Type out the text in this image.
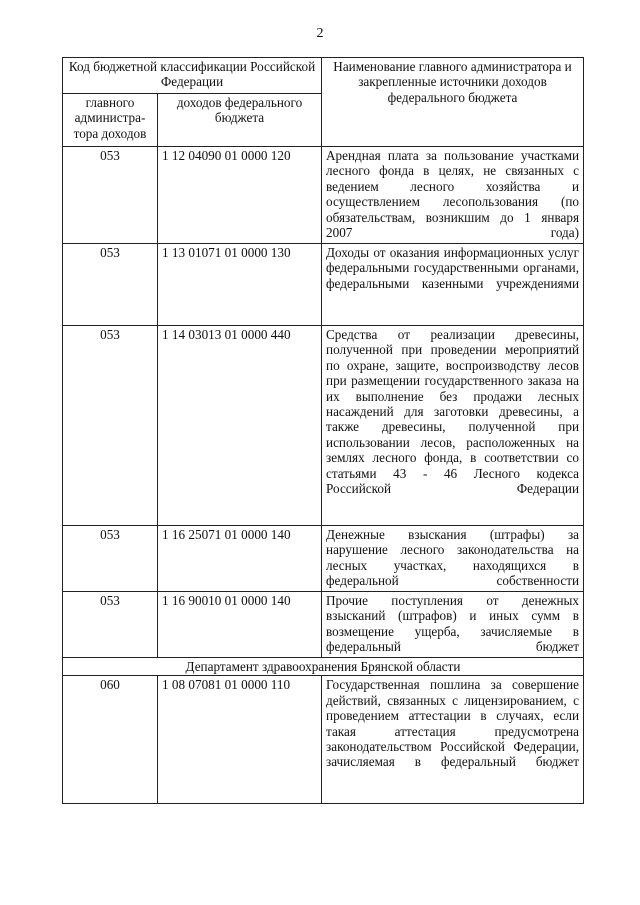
2
Код бюджетной классификации Российской Федерации		Наименование главного администратора и закрепленные источники доходов федерального бюджета
главного администра-тора доходов	доходов федерального бюджета	
053	1 12 04090 01 0000 120	Арендная плата за пользование участками лесного фонда в целях, не связанных с ведением лесного хозяйства и осуществлением лесопользования (по обязательствам, возникшим до 1 января 2007 года)
053	1 13 01071 01 0000 130	Доходы от оказания информационных услуг федеральными государственными органами, федеральными казенными учреждениями
053	1 14 03013 01 0000 440	Средства от реализации древесины, полученной при проведении мероприятий по охране, защите, воспроизводству лесов при размещении государственного заказа на их выполнение без продажи лесных насаждений для заготовки древесины, а также древесины, полученной при использовании лесов, расположенных на землях лесного фонда, в соответствии со статьями 43 - 46 Лесного кодекса Российской Федерации
053	1 16 25071 01 0000 140	Денежные взыскания (штрафы) за нарушение лесного законодательства на лесных участках, находящихся в федеральной собственности
053	1 16 90010 01 0000 140	Прочие поступления от денежных взысканий (штрафов) и иных сумм в возмещение ущерба, зачисляемые в федеральный бюджет
Департамент здравоохранения Брянской области		
060	1 08 07081 01 0000 110	Государственная пошлина за совершение действий, связанных с лицензированием, с проведением аттестации в случаях, если такая аттестация предусмотрена законодательством Российской Федерации, зачисляемая в федеральный бюджет
